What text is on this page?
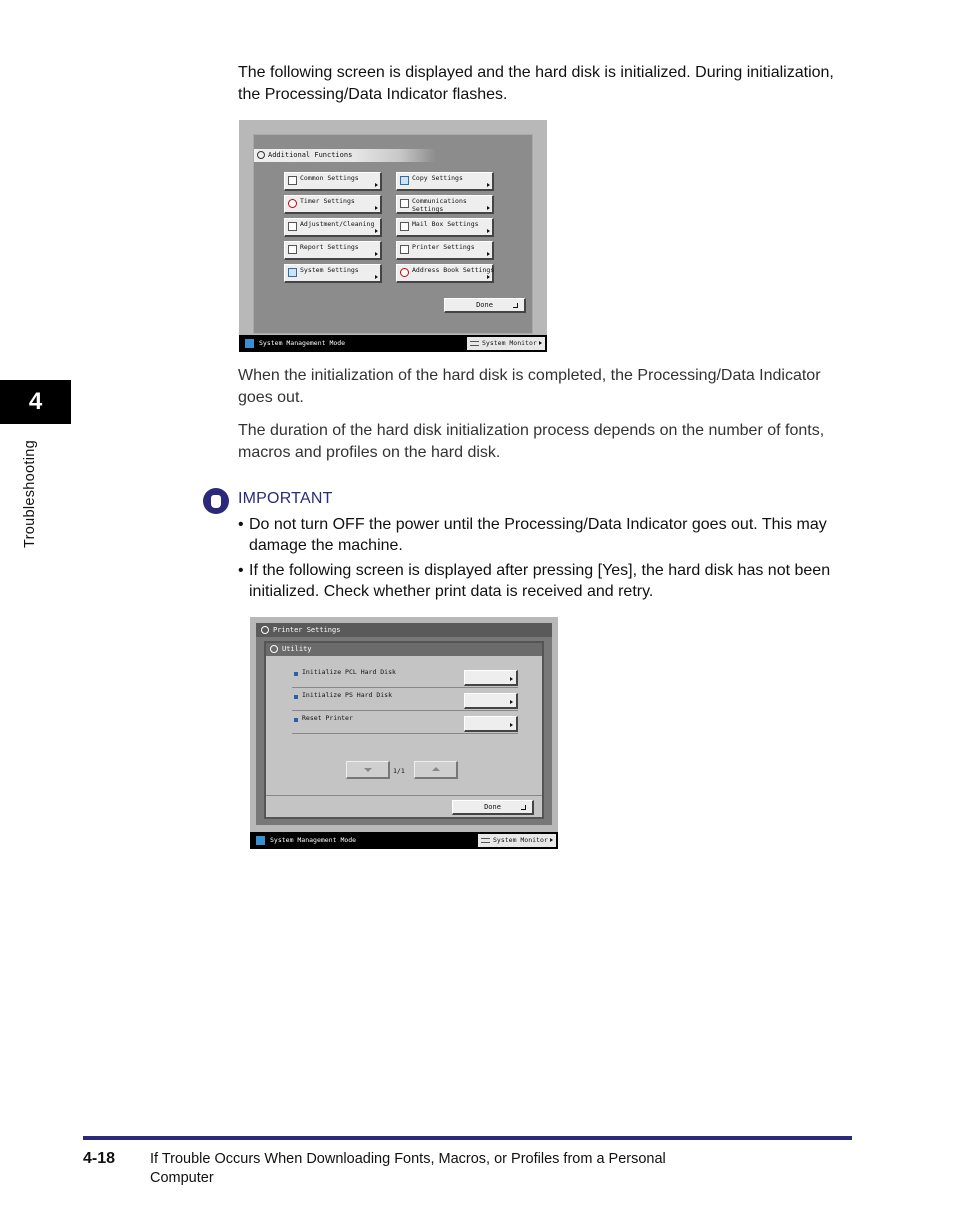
4
Troubleshooting

The following screen is displayed and the hard disk is initialized. During initialization, the Processing/Data Indicator flashes.

Additional Functions
Common Settings	Copy Settings
Timer Settings	Communications Settings
Adjustment/Cleaning	Mail Box Settings
Report Settings	Printer Settings
System Settings	Address Book Settings
Done
System Management Mode	System Monitor

When the initialization of the hard disk is completed, the Processing/Data Indicator goes out.

The duration of the hard disk initialization process depends on the number of fonts, macros and profiles on the hard disk.

IMPORTANT
• Do not turn OFF the power until the Processing/Data Indicator goes out. This may damage the machine.
• If the following screen is displayed after pressing [Yes], the hard disk has not been initialized. Check whether print data is received and retry.
Printer Settings
Utility
Initialize PCL Hard Disk
Initialize PS Hard Disk
Reset Printer
1/1
Done
System Management Mode	System Monitor
4-18 If Trouble Occurs When Downloading Fonts, Macros, or Profiles from a Personal Computer
